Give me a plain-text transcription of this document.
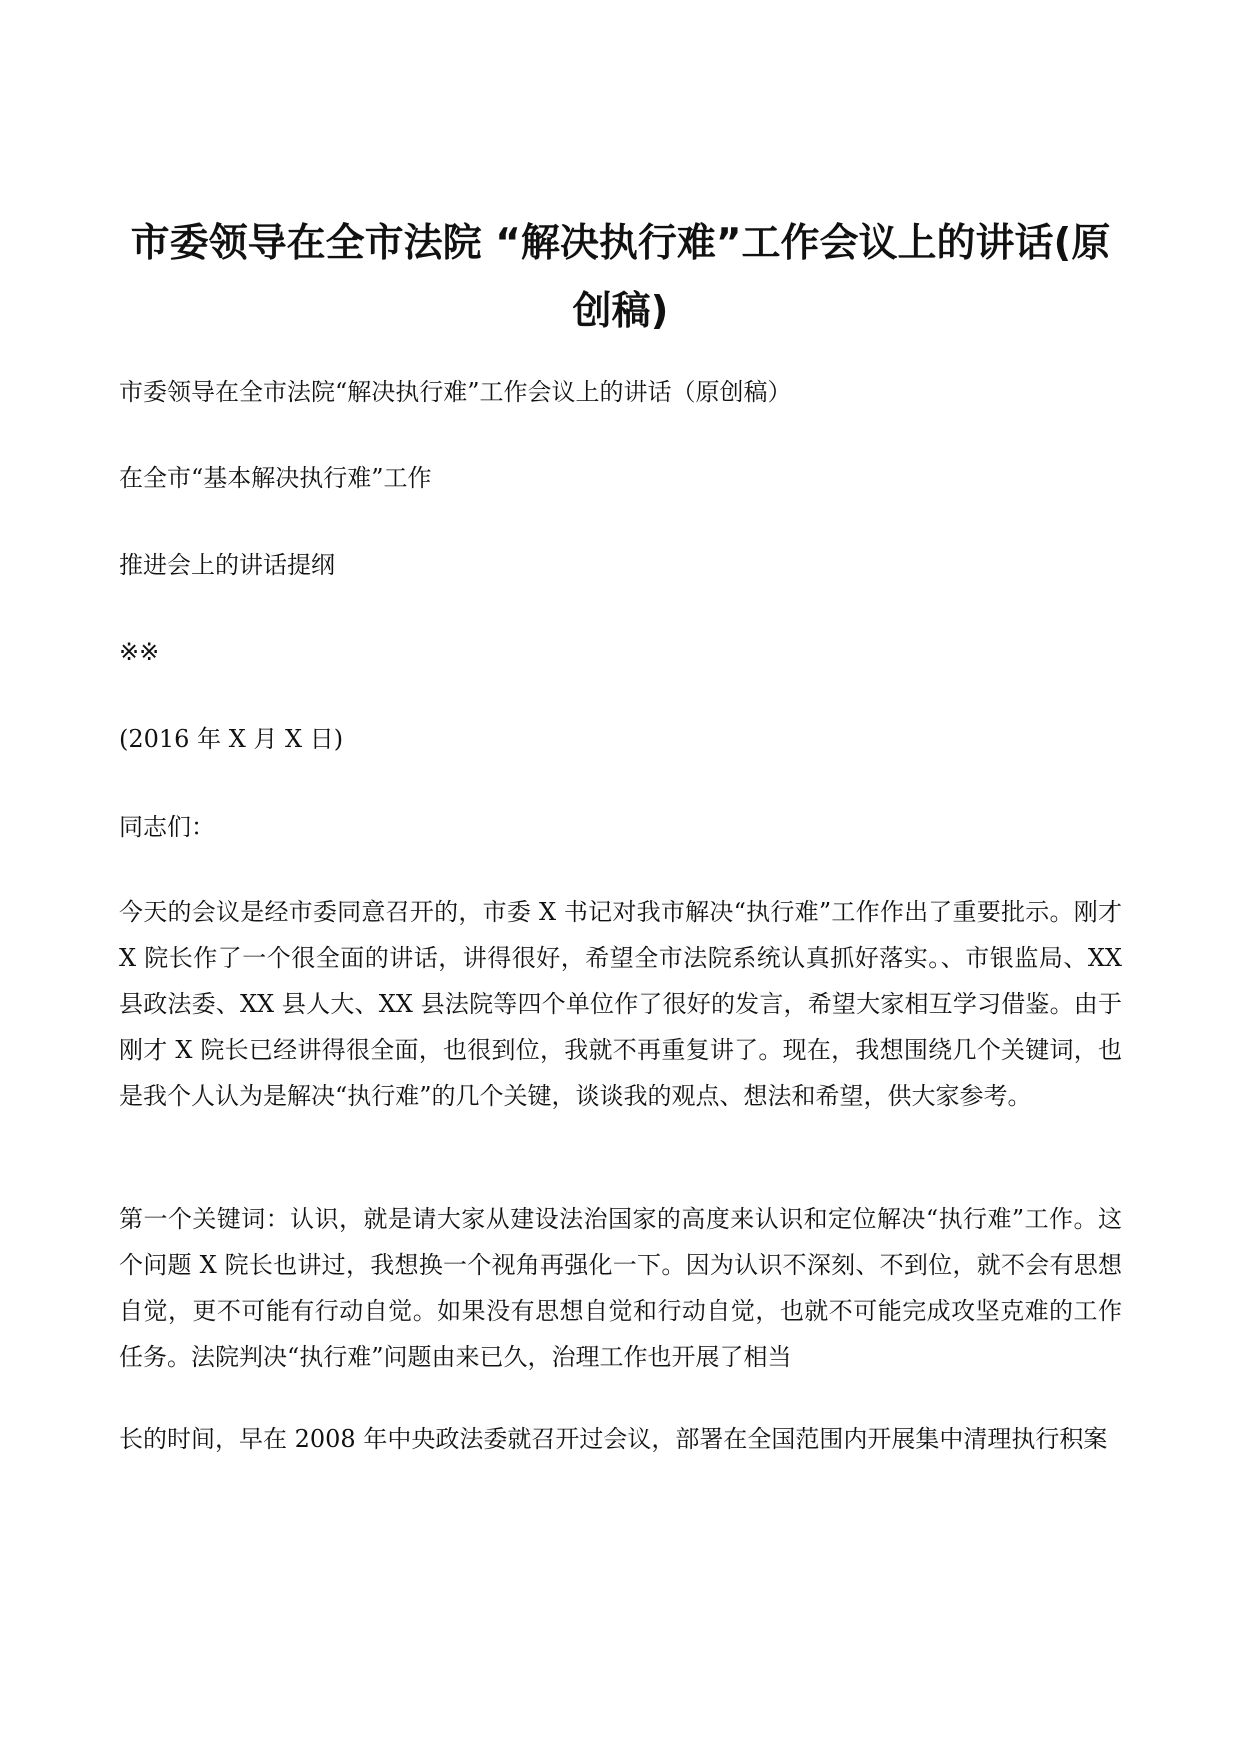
市委领导在全市法院 “解决执行难”工作会议上的讲话(原创稿)

市委领导在全市法院“解决执行难”工作会议上的讲话（原创稿）

在全市“基本解决执行难”工作

推进会上的讲话提纲

※※

(2016 年 X 月 X 日)

同志们：

今天的会议是经市委同意召开的，市委 X 书记对我市解决“执行难”工作作出了重要批示。刚才 X 院长作了一个很全面的讲话，讲得很好，希望全市法院系统认真抓好落实。、市银监局、XX 县政法委、XX 县人大、XX 县法院等四个单位作了很好的发言，希望大家相互学习借鉴。由于刚才 X 院长已经讲得很全面，也很到位，我就不再重复讲了。现在，我想围绕几个关键词，也是我个人认为是解决“执行难”的几个关键，谈谈我的观点、想法和希望，供大家参考。

第一个关键词：认识，就是请大家从建设法治国家的高度来认识和定位解决“执行难”工作。这个问题 X 院长也讲过，我想换一个视角再强化一下。因为认识不深刻、不到位，就不会有思想自觉，更不可能有行动自觉。如果没有思想自觉和行动自觉，也就不可能完成攻坚克难的工作任务。法院判决“执行难”问题由来已久，治理工作也开展了相当

长的时间，早在 2008 年中央政法委就召开过会议，部署在全国范围内开展集中清理执行积案
